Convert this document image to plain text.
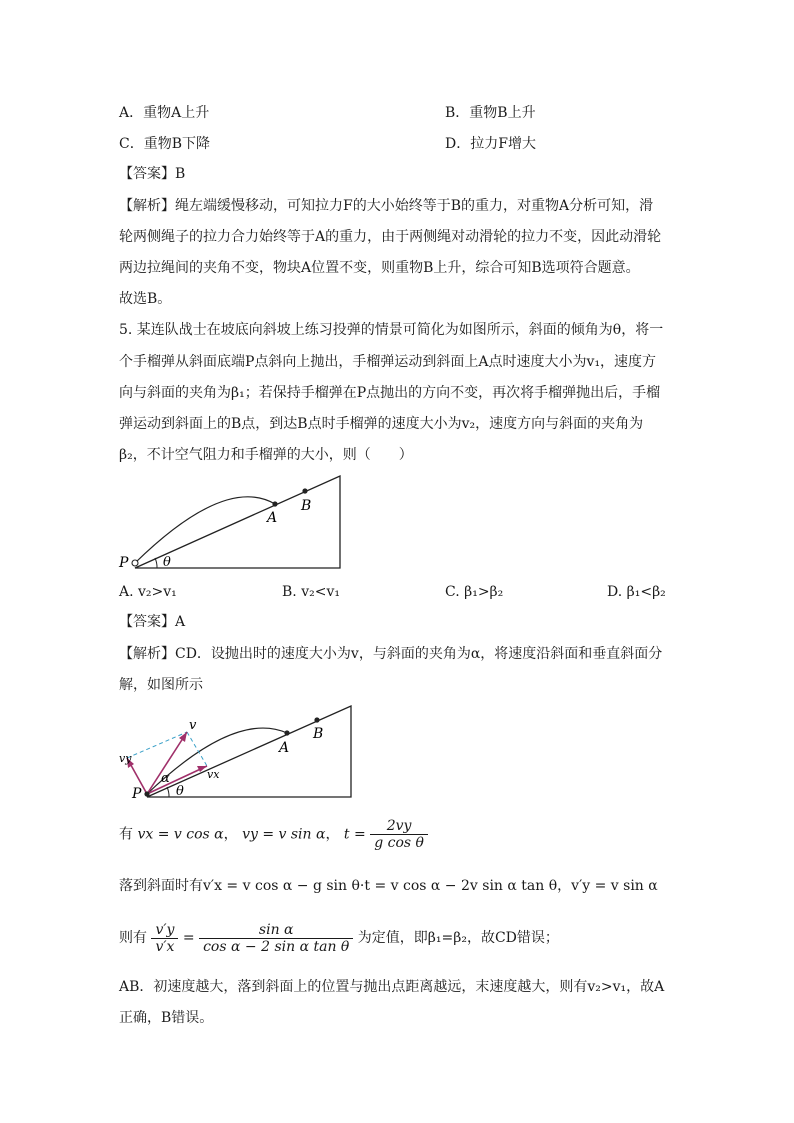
A．重物A上升	B．重物B上升
C．重物B下降	D．拉力F增大
【答案】B
【解析】绳左端缓慢移动，可知拉力F的大小始终等于B的重力，对重物A分析可知，滑
轮两侧绳子的拉力合力始终等于A的重力，由于两侧绳对动滑轮的拉力不变，因此动滑轮
两边拉绳间的夹角不变，物块A位置不变，则重物B上升，综合可知B选项符合题意。
故选B。
5. 某连队战士在坡底向斜坡上练习投弹的情景可简化为如图所示，斜面的倾角为θ，将一
个手榴弹从斜面底端P点斜向上抛出，手榴弹运动到斜面上A点时速度大小为v₁，速度方
向与斜面的夹角为β₁；若保持手榴弹在P点抛出的方向不变，再次将手榴弹抛出后，手榴
弹运动到斜面上的B点，到达B点时手榴弹的速度大小为v₂，速度方向与斜面的夹角为
β₂，不计空气阻力和手榴弹的大小，则（　　）
P	θ
A
B
A. v₂>v₁	B. v₂<v₁	C. β₁>β₂	D. β₁<β₂
【答案】A
【解析】CD．设抛出时的速度大小为v，与斜面的夹角为α，将速度沿斜面和垂直斜面分
解，如图所示
P	θ
α
v
vy
vx
A
B
有 vx = v cos α， vy = v sin α， $t = \frac{2vy}{\text{g cos θ}}$
落到斜面时有v′x = v cos α − g sin θ·t = v cos α − 2v sin α tan θ，v′y = v sin α
则有 $\frac{v'y}{v'x} = \frac{\text{sin α}}{\text{cos α − 2 sin α tan θ}}$ 为定值，即β₁=β₂，故CD错误；
AB．初速度越大，落到斜面上的位置与抛出点距离越远，末速度越大，则有v₂>v₁，故A
正确，B错误。
